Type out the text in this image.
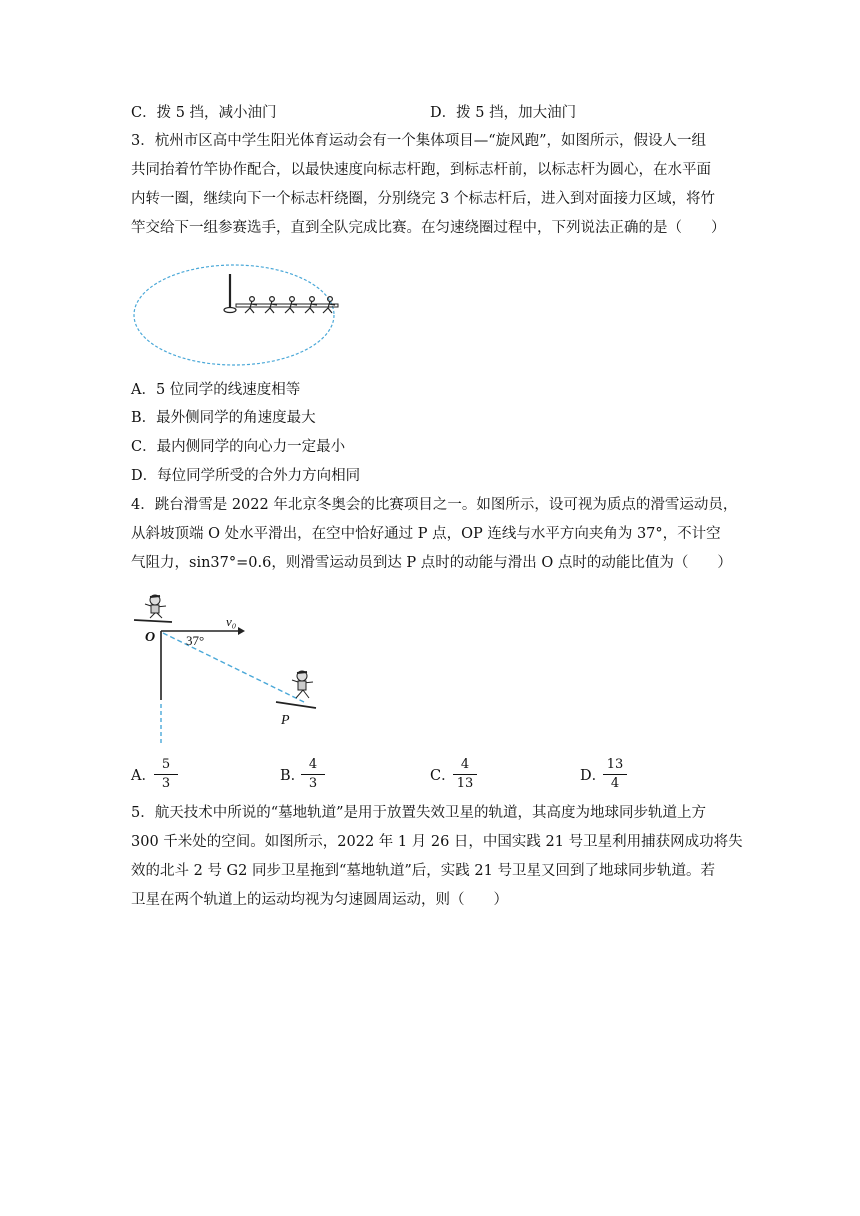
C．拨 5 挡，减小油门	D．拨 5 挡，加大油门
3．杭州市区高中学生阳光体育运动会有一个集体项目—“旋风跑”，如图所示，假设人一组
共同抬着竹竿协作配合，以最快速度向标志杆跑，到标志杆前，以标志杆为圆心，在水平面
内转一圈，继续向下一个标志杆绕圈，分别绕完 3 个标志杆后，进入到对面接力区域，将竹
竿交给下一组参赛选手，直到全队完成比赛。在匀速绕圈过程中，下列说法正确的是（　　）
A．5 位同学的线速度相等
B．最外侧同学的角速度最大
C．最内侧同学的向心力一定最小
D．每位同学所受的合外力方向相同
4．跳台滑雪是 2022 年北京冬奥会的比赛项目之一。如图所示，设可视为质点的滑雪运动员，
从斜坡顶端 O 处水平滑出，在空中恰好通过 P 点，OP 连线与水平方向夹角为 37°，不计空
气阻力，sin37°=0.6，则滑雪运动员到达 P 点时的动能与滑出 O 点时的动能比值为（　　）
O
P
v₀
37°
A．
$\frac{5}{3}$	B．
$\frac{4}{3}$	C．
$\frac{4}{13}$	D．
$\frac{13}{4}$
5．航天技术中所说的“墓地轨道”是用于放置失效卫星的轨道，其高度为地球同步轨道上方
300 千米处的空间。如图所示，2022 年 1 月 26 日，中国实践 21 号卫星利用捕获网成功将失
效的北斗 2 号 G2 同步卫星拖到“墓地轨道”后，实践 21 号卫星又回到了地球同步轨道。若
卫星在两个轨道上的运动均视为匀速圆周运动，则（　　）
